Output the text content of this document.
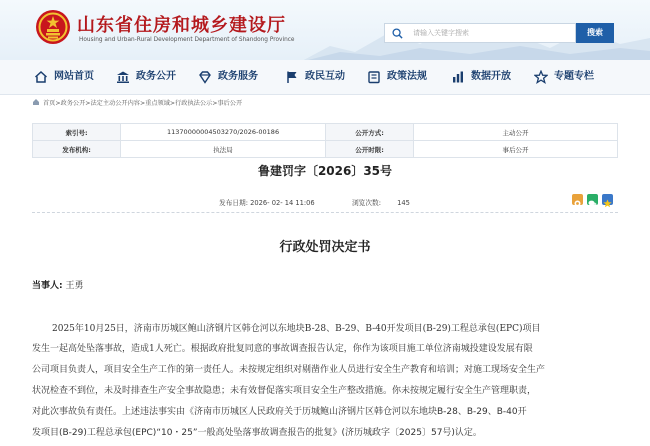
山东省住房和城乡建设厅
Housing and Urban-Rural Development Department of Shandong Province
请输入关键字搜索
搜索
网站首页	政务公开	政务服务	政民互动	政策法规	数据开放	专题专栏
首页>政务公开>法定主动公开内容>重点领域>行政执法公示>事后公开
索引号:	11370000004503270/2026-00186	公开方式:	主动公开
发布机构:	执法局	公开时限:	事后公开
鲁建罚字〔2026〕35号
发布日期: 2026- 02- 14 11:06	浏览次数: 145
行政处罚决定书
当事人: 王勇
2025年10月25日，济南市历城区鲍山济钢片区韩仓河以东地块B-28、B-29、B-40开发项目(B-29)工程总承包(EPC)项目
发生一起高处坠落事故，造成1人死亡。根据政府批复同意的事故调查报告认定，你作为该项目施工单位济南城投建设发展有限
公司项目负责人，项目安全生产工作的第一责任人。未按规定组织对剔凿作业人员进行安全生产教育和培训；对施工现场安全生产
状况检查不到位，未及时排查生产安全事故隐患；未有效督促落实项目安全生产整改措施。你未按规定履行安全生产管理职责，
对此次事故负有责任。上述违法事实由《济南市历城区人民政府关于历城鲍山济钢片区韩仓河以东地块B-28、B-29、B-40开
发项目(B-29)工程总承包(EPC)“10・25”一般高处坠落事故调查报告的批复》(济历城政字〔2025〕57号)认定。
